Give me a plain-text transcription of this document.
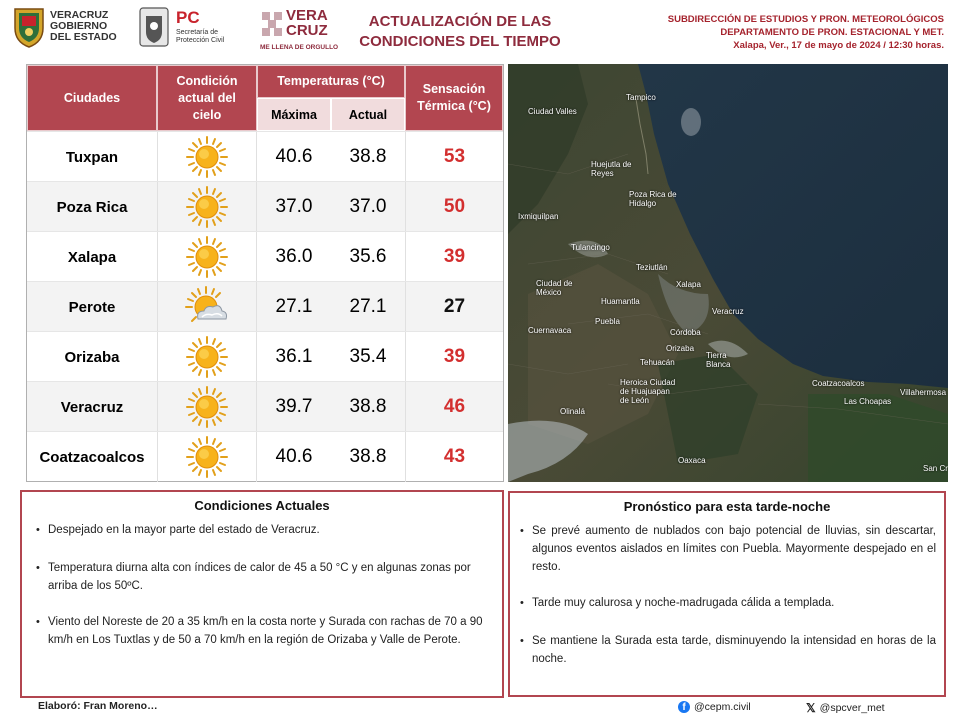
VERACRUZ
GOBIERNO
DEL ESTADO
PC
Secretaría de
Protección Civil
VERA
CRUZ
ME LLENA DE ORGULLO
ACTUALIZACIÓN DE LAS
CONDICIONES DEL TIEMPO
SUBDIRECCIÓN DE ESTUDIOS Y PRON. METEOROLÓGICOS
DEPARTAMENTO DE PRON. ESTACIONAL Y MET.
Xalapa, Ver., 17 de mayo de 2024 / 12:30 horas.
Ciudades
Condición actual del cielo
Temperaturas (°C)
Máxima	Actual
Sensación Térmica (°C)
Tuxpan	40.6	38.8	53
Poza Rica	37.0	37.0	50
Xalapa	36.0	35.6	39
Perote	27.1	27.1	27
Orizaba	36.1	35.4	39
Veracruz	39.7	38.8	46
Coatzacoalcos	40.6	38.8	43
Tampico
Ciudad Valles
Huejutla de Reyes
Poza Rica de Hidalgo
Ixmiquilpan
Tulancingo
Teziutlán
Xalapa
Ciudad de México
Huamantla
Veracruz
Puebla
Cuernavaca	Córdoba
Orizaba
Tehuacán
Tierra Blanca
Heroica Ciudad de Huajuapan de León
Coatzacoalcos
Las Choapas
Villahermosa
Olinalá
Oaxaca
San Cr
Condiciones Actuales
• Despejado en la mayor parte del estado de Veracruz.
• Temperatura diurna alta con índices de calor de 45 a 50 °C y en algunas zonas por arriba de los 50ºC.
• Viento del Noreste de 20 a 35 km/h en la costa norte y Surada con rachas de 70 a 90 km/h en Los Tuxtlas y de 50 a 70 km/h en la región de Orizaba y Valle de Perote.
Pronóstico para esta tarde-noche
• Se prevé aumento de nublados con bajo potencial de lluvias, sin descartar, algunos eventos aislados en límites con Puebla. Mayormente despejado en el resto.
• Tarde muy calurosa y noche-madrugada cálida a templada.
• Se mantiene la Surada esta tarde, disminuyendo la intensidad en horas de la noche.
Elaboró: Fran Moreno…	f @cepm.civil	𝕏 @spcver_met
